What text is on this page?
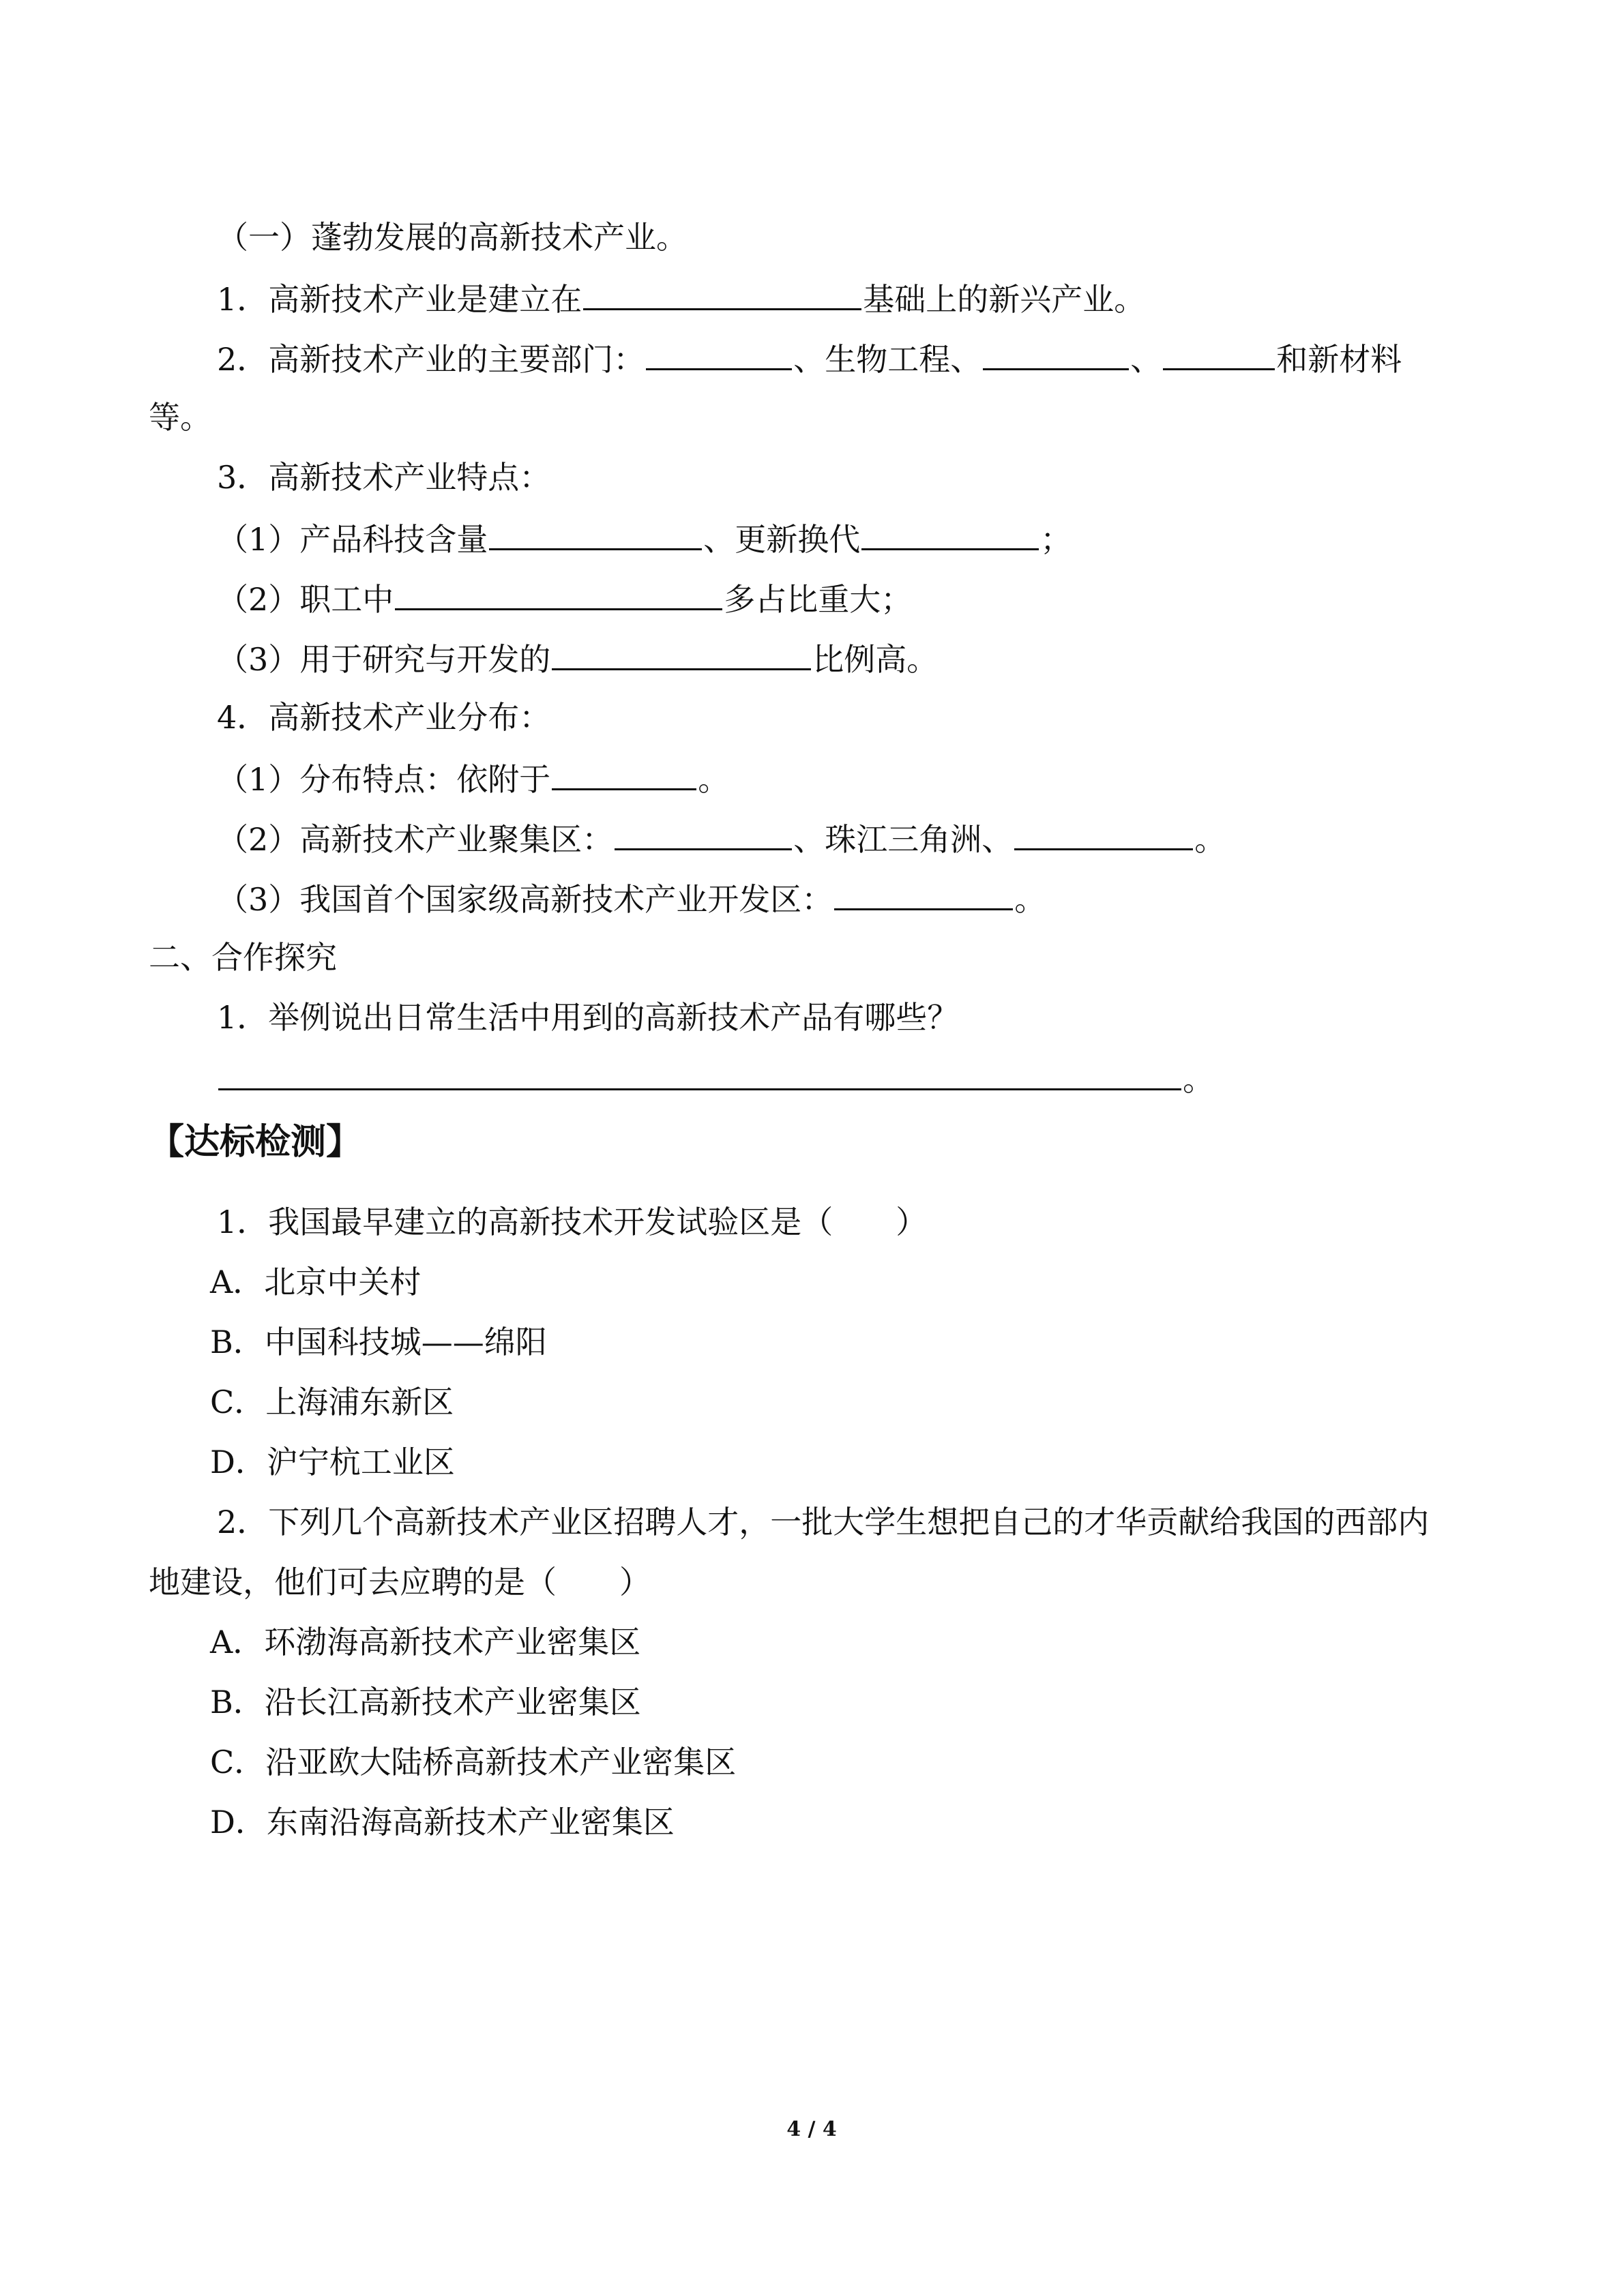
（一）蓬勃发展的高新技术产业。
1．高新技术产业是建立在	基础上的新兴产业。
2．高新技术产业的主要部门：	、生物工程、	、	和新材料
等。
3．高新技术产业特点：
（1）产品科技含量	、更新换代	；
（2）职工中	多占比重大；
（3）用于研究与开发的	比例高。
4．高新技术产业分布：
（1）分布特点：依附于	。
（2）高新技术产业聚集区：	、珠江三角洲、	。
（3）我国首个国家级高新技术产业开发区：	。
二、合作探究
1．举例说出日常生活中用到的高新技术产品有哪些？
。
【达标检测】
1．我国最早建立的高新技术开发试验区是（　　）
A．北京中关村
B．中国科技城——绵阳
C．上海浦东新区
D．沪宁杭工业区
2．下列几个高新技术产业区招聘人才，一批大学生想把自己的才华贡献给我国的西部内
地建设，他们可去应聘的是（　　）
A．环渤海高新技术产业密集区
B．沿长江高新技术产业密集区
C．沿亚欧大陆桥高新技术产业密集区
D．东南沿海高新技术产业密集区
4 / 4
